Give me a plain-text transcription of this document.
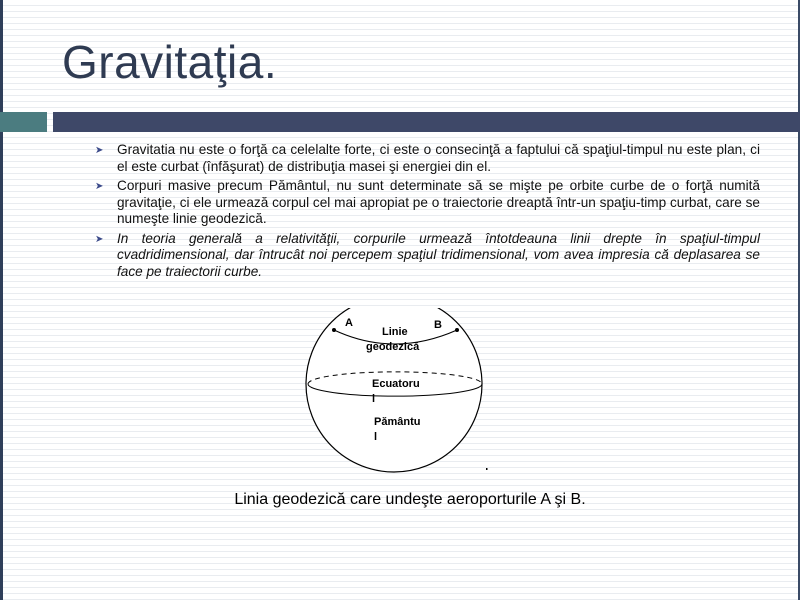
Gravitaţia.
➤ Gravitatia nu este o forţă ca celelalte forte, ci este o consecinţă a faptului că spaţiul-timpul nu este plan, ci el este curbat (înfăşurat) de distribuţia masei şi energiei din el.
➤ Corpuri masive precum Pământul, nu sunt determinate să se mişte pe orbite curbe de o forţă numită gravitaţie, ci ele urmează corpul cel mai apropiat pe o traiectorie dreaptă într-un spaţiu-timp curbat, care se numeşte linie geodezică.
➤ In teoria generală a relativităţii, corpurile urmează întotdeauna linii drepte în spaţiul-timpul cvadridimensional, dar întrucât noi percepem spaţiul tridimensional, vom avea impresia că deplasarea se face pe traiectorii curbe.
A	B
Linie
geodezică
Ecuatoru
l
Pământu
l
Linia geodezică care undeşte aeroporturile A şi B.
